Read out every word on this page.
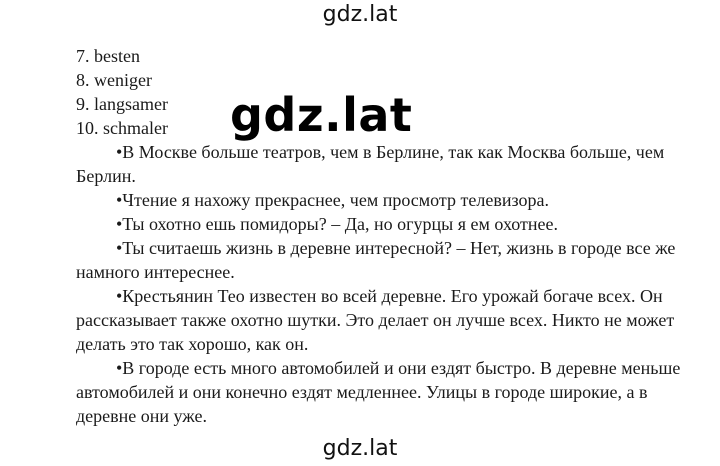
gdz.lat
7. besten
8. weniger
9. langsamer
10. schmaler
•В Москве больше театров, чем в Берлине, так как Москва больше, чем Берлин.
•Чтение я нахожу прекраснее, чем просмотр телевизора.
•Ты охотно ешь помидоры? – Да, но огурцы я ем охотнее.
•Ты считаешь жизнь в деревне интересной? – Нет, жизнь в городе все же намного интереснее.
•Крестьянин Тео известен во всей деревне. Его урожай богаче всех. Он рассказывает также охотно шутки. Это делает он лучше всех. Никто не может делать это так хорошо, как он.
•В городе есть много автомобилей и они ездят быстро. В деревне меньше автомобилей и они конечно ездят медленнее. Улицы в городе широкие, а в деревне они уже.
gdz.lat
gdz.lat
